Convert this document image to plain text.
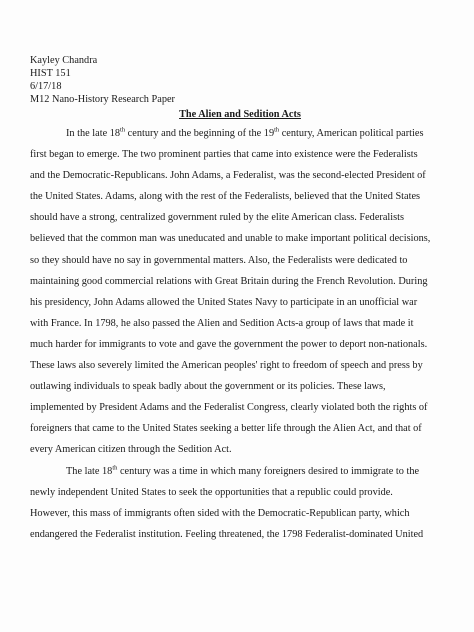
Kayley Chandra
HIST 151
6/17/18
M12 Nano-History Research Paper
The Alien and Sedition Acts
In the late 18th century and the beginning of the 19th century, American political parties
first began to emerge. The two prominent parties that came into existence were the Federalists
and the Democratic-Republicans. John Adams, a Federalist, was the second-elected President of
the United States. Adams, along with the rest of the Federalists, believed that the United States
should have a strong, centralized government ruled by the elite American class. Federalists
believed that the common man was uneducated and unable to make important political decisions,
so they should have no say in governmental matters. Also, the Federalists were dedicated to
maintaining good commercial relations with Great Britain during the French Revolution. During
his presidency, John Adams allowed the United States Navy to participate in an unofficial war
with France. In 1798, he also passed the Alien and Sedition Acts-a group of laws that made it
much harder for immigrants to vote and gave the government the power to deport non-nationals.
These laws also severely limited the American peoples' right to freedom of speech and press by
outlawing individuals to speak badly about the government or its policies. These laws,
implemented by President Adams and the Federalist Congress, clearly violated both the rights of
foreigners that came to the United States seeking a better life through the Alien Act, and that of
every American citizen through the Sedition Act.
The late 18th century was a time in which many foreigners desired to immigrate to the
newly independent United States to seek the opportunities that a republic could provide.
However, this mass of immigrants often sided with the Democratic-Republican party, which
endangered the Federalist institution. Feeling threatened, the 1798 Federalist-dominated United
